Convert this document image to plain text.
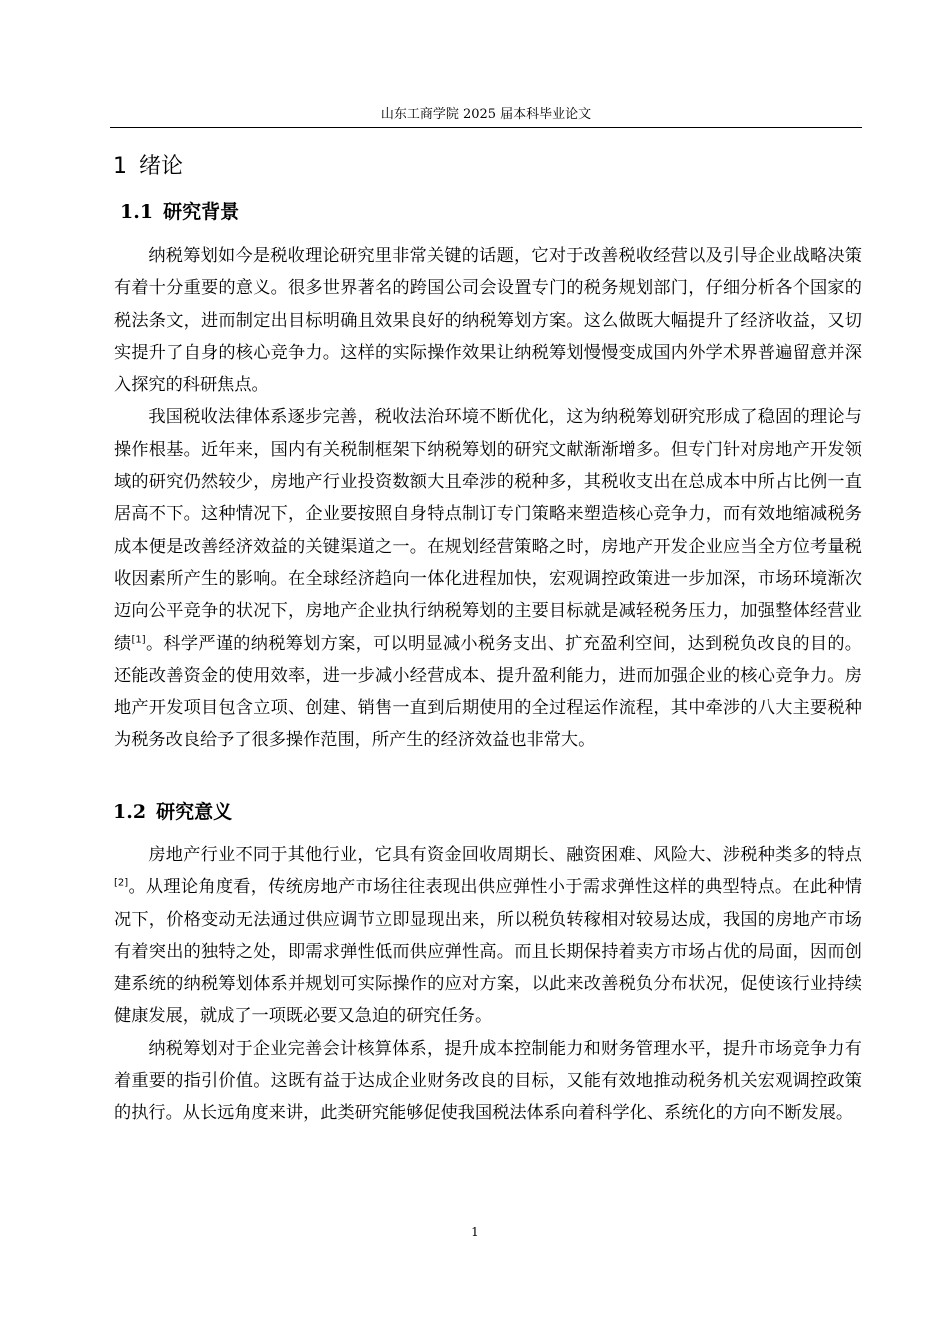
山东工商学院 2025 届本科毕业论文
1 绪论
1.1 研究背景

纳税筹划如今是税收理论研究里非常关键的话题，它对于改善税收经营以及引导企业战略决策有着十分重要的意义。很多世界著名的跨国公司会设置专门的税务规划部门，仔细分析各个国家的税法条文，进而制定出目标明确且效果良好的纳税筹划方案。这么做既大幅提升了经济收益，又切实提升了自身的核心竞争力。这样的实际操作效果让纳税筹划慢慢变成国内外学术界普遍留意并深入探究的科研焦点。

我国税收法律体系逐步完善，税收法治环境不断优化，这为纳税筹划研究形成了稳固的理论与操作根基。近年来，国内有关税制框架下纳税筹划的研究文献渐渐增多。但专门针对房地产开发领域的研究仍然较少，房地产行业投资数额大且牵涉的税种多，其税收支出在总成本中所占比例一直居高不下。这种情况下，企业要按照自身特点制订专门策略来塑造核心竞争力，而有效地缩减税务成本便是改善经济效益的关键渠道之一。在规划经营策略之时，房地产开发企业应当全方位考量税收因素所产生的影响。在全球经济趋向一体化进程加快，宏观调控政策进一步加深，市场环境渐次迈向公平竞争的状况下，房地产企业执行纳税筹划的主要目标就是减轻税务压力，加强整体经营业绩[1]。科学严谨的纳税筹划方案，可以明显减小税务支出、扩充盈利空间，达到税负改良的目的。还能改善资金的使用效率，进一步减小经营成本、提升盈利能力，进而加强企业的核心竞争力。房地产开发项目包含立项、创建、销售一直到后期使用的全过程运作流程，其中牵涉的八大主要税种为税务改良给予了很多操作范围，所产生的经济效益也非常大。

1.2 研究意义

房地产行业不同于其他行业，它具有资金回收周期长、融资困难、风险大、涉税种类多的特点[2]。从理论角度看，传统房地产市场往往表现出供应弹性小于需求弹性这样的典型特点。在此种情况下，价格变动无法通过供应调节立即显现出来，所以税负转稼相对较易达成，我国的房地产市场有着突出的独特之处，即需求弹性低而供应弹性高。而且长期保持着卖方市场占优的局面，因而创建系统的纳税筹划体系并规划可实际操作的应对方案，以此来改善税负分布状况，促使该行业持续健康发展，就成了一项既必要又急迫的研究任务。

纳税筹划对于企业完善会计核算体系，提升成本控制能力和财务管理水平，提升市场竞争力有着重要的指引价值。这既有益于达成企业财务改良的目标，又能有效地推动税务机关宏观调控政策的执行。从长远角度来讲，此类研究能够促使我国税法体系向着科学化、系统化的方向不断发展。

1
